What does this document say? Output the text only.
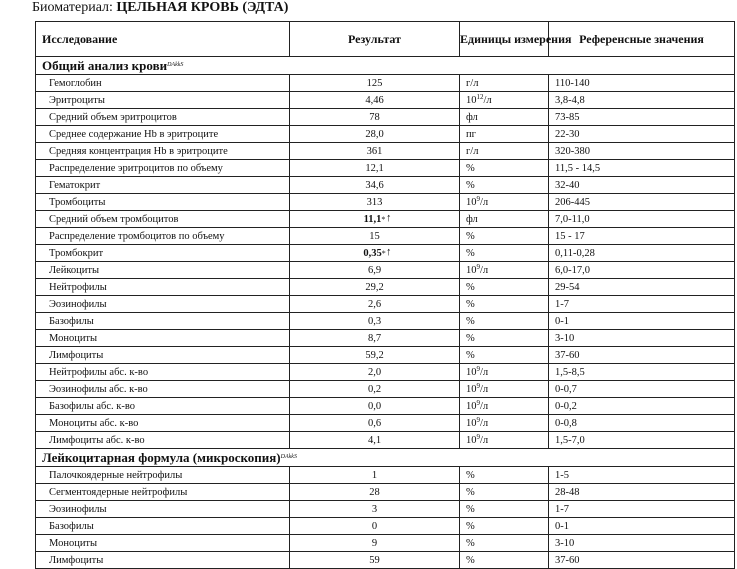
Биоматериал: ЦЕЛЬНАЯ КРОВЬ (ЭДТА)
Исследование	Результат	Единицы измерения	Референсные значения
Общий анализ крови$^{DAkkS}$
Гемоглобин	125	г/л	110-140
Эритроциты	4,46	$10^{12}/л$	3,8-4,8
Средний объем эритроцитов	78	фл	73-85
Среднее содержание Hb в эритроците	28,0	пг	22-30
Средняя концентрация Hb в эритроците	361	г/л	320-380
Распределение эритроцитов по объему	12,1	%	11,5 - 14,5
Гематокрит	34,6	%	32-40
Тромбоциты	313	$10^9/л$	206-445
Средний объем тромбоцитов	11,1* ↑	фл	7,0-11,0
Распределение тромбоцитов по объему	15	%	15 - 17
Тромбокрит	0,35* ↑	%	0,11-0,28
Лейкоциты	6,9	$10^9/л$	6,0-17,0
Нейтрофилы	29,2	%	29-54
Эозинофилы	2,6	%	1-7
Базофилы	0,3	%	0-1
Моноциты	8,7	%	3-10
Лимфоциты	59,2	%	37-60
Нейтрофилы абс. к-во	2,0	$10^9/л$	1,5-8,5
Эозинофилы абс. к-во	0,2	$10^9/л$	0-0,7
Базофилы абс. к-во	0,0	$10^9/л$	0-0,2
Моноциты абс. к-во	0,6	$10^9/л$	0-0,8
Лимфоциты абс. к-во	4,1	$10^9/л$	1,5-7,0
Лейкоцитарная формула (микроскопия)$^{DAkkS}$
Палочкоядерные нейтрофилы	1	%	1-5
Сегментоядерные нейтрофилы	28	%	28-48
Эозинофилы	3	%	1-7
Базофилы	0	%	0-1
Моноциты	9	%	3-10
Лимфоциты	59	%	37-60
